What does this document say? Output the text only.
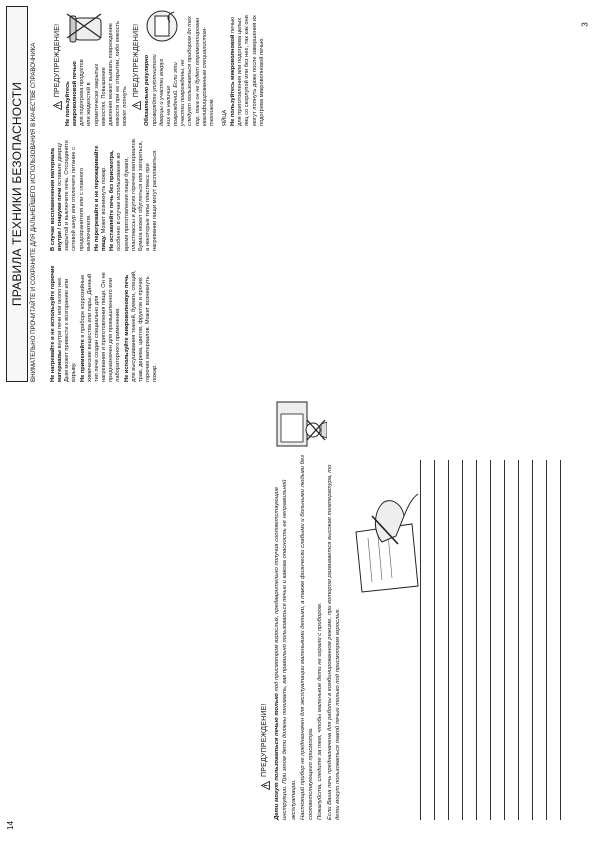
14
3
ПРАВИЛА ТЕХНИКИ БЕЗОПАСНОСТИ ВНИМАТЕЛЬНО ПРОЧИТАЙТЕ И СОХРАНИТЕ ДЛЯ ДАЛЬНЕЙШЕГО ИСПОЛЬЗОВАНИЯ В КАЧЕСТВЕ СПРАВОЧНИКА Не нагревайте и не используйте горючие материалы внутри печи или около нее. Дым может привести к возгоранию или взрыву. Не применяйте в приборе коррозийные химические вещества или пары. Данный тип печи создан специально для нагревания и приготовления пищи. Он не предназначен для промышленного или лабораторного применения. Не используйте микроволновую печь для высушивания тканей, бумаги, специй, трав, дерева, цветов, фруктов и прочих горючих материалов. Может возникнуть пожар.

В случае воспламенения материала внутри / снаружи печи оставьте дверцу закрытой и выключите печь. Отсоедините сетевой шнур или отключите питание с предохранителя или с главного выключателя. Не перегревайте и не пережаривайте пищу. Может возникнуть пожар. Не оставляйте печь без присмотра, особенно в случае использования во время приготовления пищи бумаги, пластмассы и других горючих материалов. Бумага может обуглиться или загореться, а некоторые типы пластмасс при нагревании пищи могут расплавиться.

ПРЕДУПРЕЖДЕНИЕ!

Не пользуйтесь микроволновой печью для подогрева продуктов или жидкостей в герметически закрытых емкостях. Повышение давления может вызвать повреждение емкости при ее открытии, либо емкость может лопнуть.

ПРЕДУПРЕЖДЕНИЕ! Обязательно регулярно проверяйте уплотнители дверцы и участки вокруг них на наличие повреждений. Если эти участки повреждены, не следует пользоваться прибором до тех пор, пока он не будет отремонтирован квалифицированным специалистом-техником. ЯЙЦА Не пользуйтесь микроволновой печью для приготовления или подогрева целых яиц со скорлупой или без нее, так как они могут лопнуть даже после завершения их подогрева микроволновой печью.

ПРЕДУПРЕЖДЕНИЕ! Дети могут пользоваться печью только под присмотром взрослых, предварительно получив соответствующие инструкции. При этом дети должны понимать, как правильно пользоваться печью и какова опасность ее неправильной эксплуатации. Настоящий прибор не предназначен для эксплуатации маленькими детьми, а также физически слабыми и больными людьми без соответствующего присмотра. Пожалуйста, следите за тем, чтобы маленькие дети не играли с прибором. Если Ваша печь предназначена для работы в комбинированном режиме, при котором развивается высокая температура, то дети могут пользоваться такой печью только под присмотром взрослых.
